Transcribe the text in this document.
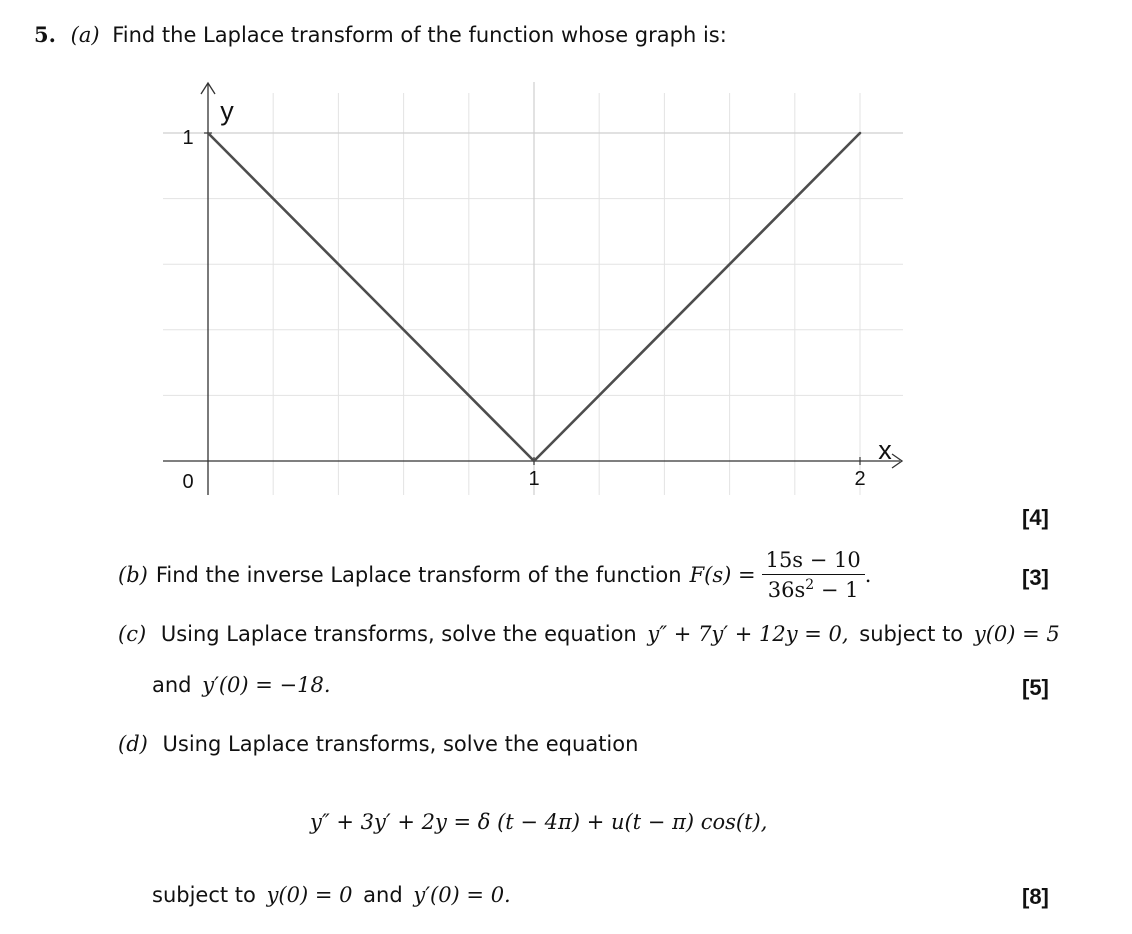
5. (a) Find the Laplace transform of the function whose graph is:
y
x
0	1	2
1
[4]
(b) Find the inverse Laplace transform of the function $F(s) = \frac{15s - 10}{36s^2 - 1}$ .	[3]
(c) Using Laplace transforms, solve the equation y″ + 7y′ + 12y = 0, subject to y(0) = 5
and y′(0) = −18.	[5]
(d) Using Laplace transforms, solve the equation
y″ + 3y′ + 2y = δ (t − 4π) + u(t − π) cos(t),
subject to y(0) = 0 and y′(0) = 0.	[8]
